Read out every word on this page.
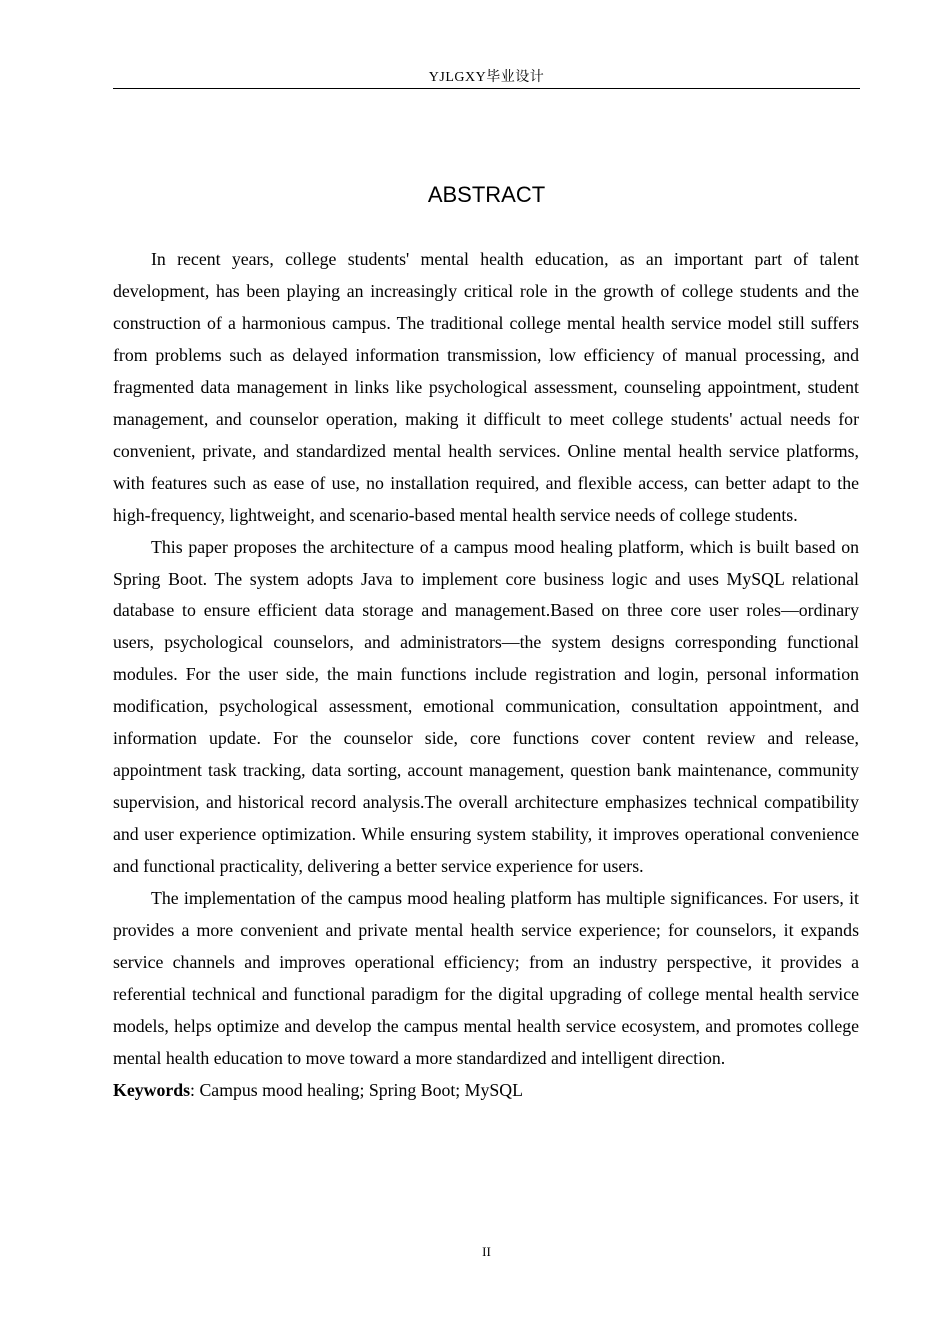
YJLGXY毕业设计
ABSTRACT

In recent years, college students' mental health education, as an important part of talent development, has been playing an increasingly critical role in the growth of college students and the construction of a harmonious campus. The traditional college mental health service model still suffers from problems such as delayed information transmission, low efficiency of manual processing, and fragmented data management in links like psychological assessment, counseling appointment, student management, and counselor operation, making it difficult to meet college students' actual needs for convenient, private, and standardized mental health services. Online mental health service platforms, with features such as ease of use, no installation required, and flexible access, can better adapt to the high-frequency, lightweight, and scenario-based mental health service needs of college students.

This paper proposes the architecture of a campus mood healing platform, which is built based on Spring Boot. The system adopts Java to implement core business logic and uses MySQL relational database to ensure efficient data storage and management.Based on three core user roles—ordinary users, psychological counselors, and administrators—the system designs corresponding functional modules. For the user side, the main functions include registration and login, personal information modification, psychological assessment, emotional communication, consultation appointment, and information update. For the counselor side, core functions cover content review and release, appointment task tracking, data sorting, account management, question bank maintenance, community supervision, and historical record analysis.The overall architecture emphasizes technical compatibility and user experience optimization. While ensuring system stability, it improves operational convenience and functional practicality, delivering a better service experience for users.

The implementation of the campus mood healing platform has multiple significances. For users, it provides a more convenient and private mental health service experience; for counselors, it expands service channels and improves operational efficiency; from an industry perspective, it provides a referential technical and functional paradigm for the digital upgrading of college mental health service models, helps optimize and develop the campus mental health service ecosystem, and promotes college mental health education to move toward a more standardized and intelligent direction.

Keywords: Campus mood healing; Spring Boot; MySQL

II
